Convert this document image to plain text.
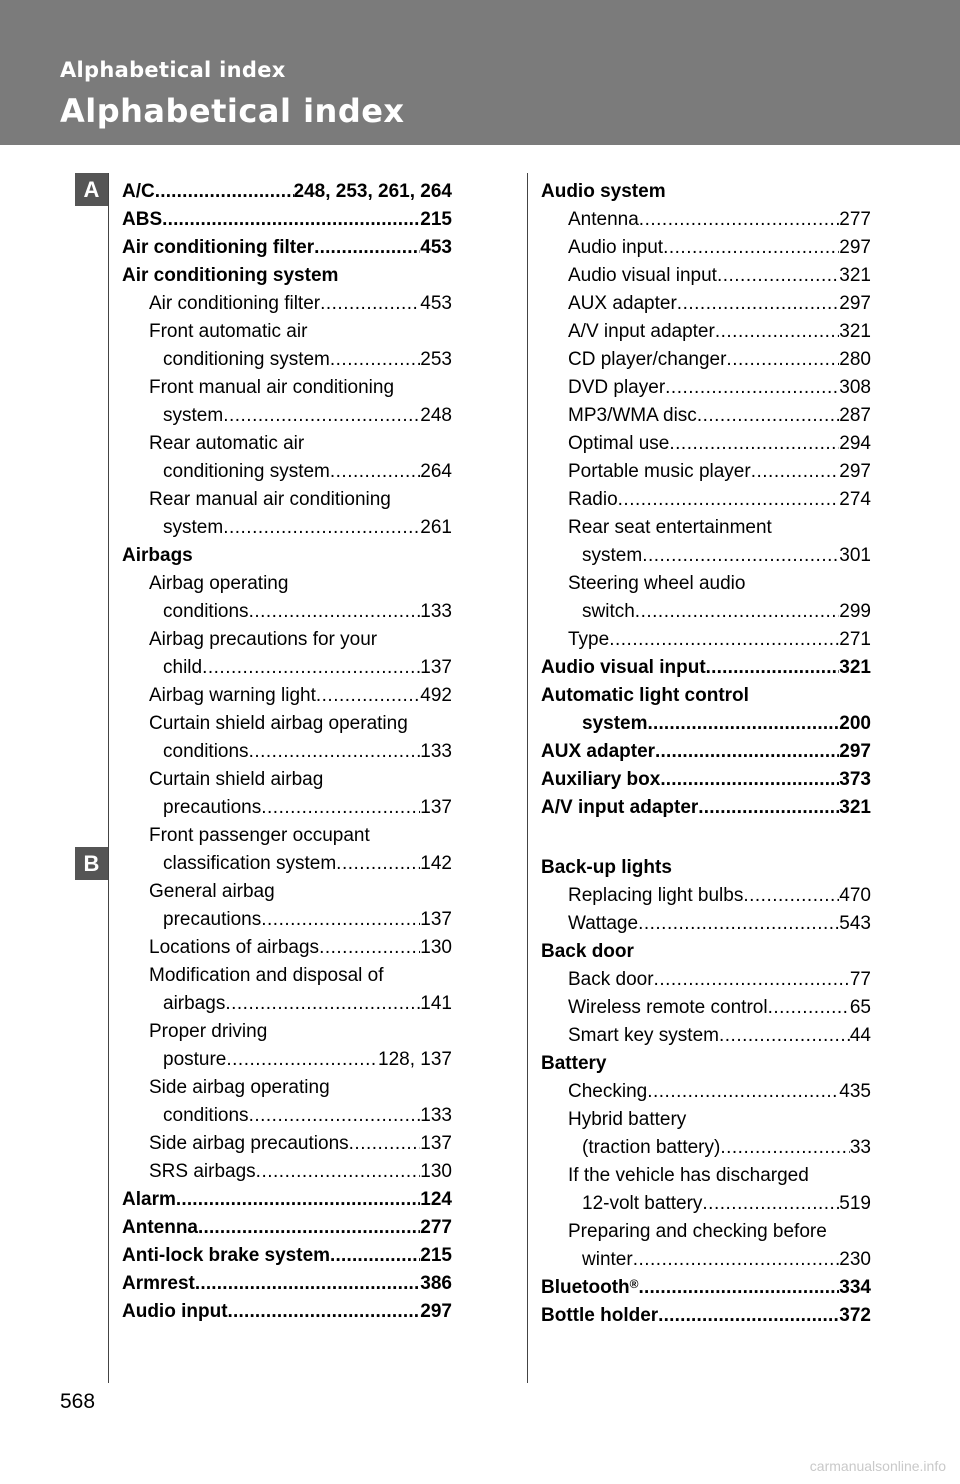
Alphabetical index
Alphabetical index
A
B
A/C .....	248, 253, 261, 264
ABS .....	215
Air conditioning filter .....	453
Air conditioning system
Air conditioning filter .....	453
Front automatic air
conditioning system .....	253
Front manual air conditioning
system .....	248
Rear automatic air
conditioning system .....	264
Rear manual air conditioning
system .....	261
Airbags
Airbag operating
conditions .....	133
Airbag precautions for your
child .....	137
Airbag warning light .....	492
Curtain shield airbag operating
conditions .....	133
Curtain shield airbag
precautions .....	137
Front passenger occupant
classification system .....	142
General airbag
precautions .....	137
Locations of airbags .....	130
Modification and disposal of
airbags .....	141
Proper driving
posture .....	128, 137
Side airbag operating
conditions .....	133
Side airbag precautions .....	137
SRS airbags .....	130
Alarm .....	124
Antenna .....	277
Anti-lock brake system .....	215
Armrest .....	386
Audio input .....	297
Audio system
Antenna .....	277
Audio input .....	297
Audio visual input .....	321
AUX adapter .....	297
A/V input adapter .....	321
CD player/changer .....	280
DVD player .....	308
MP3/WMA disc .....	287
Optimal use .....	294
Portable music player .....	297
Radio .....	274
Rear seat entertainment
system .....	301
Steering wheel audio
switch .....	299
Type .....	271
Audio visual input .....	321
Automatic light control
system .....	200
AUX adapter .....	297
Auxiliary box .....	373
A/V input adapter .....	321
Back-up lights
Replacing light bulbs .....	470
Wattage .....	543
Back door
Back door .....	77
Wireless remote control .....	65
Smart key system .....	44
Battery
Checking .....	435
Hybrid battery
(traction battery) .....	33
If the vehicle has discharged
12-volt battery .....	519
Preparing and checking before
winter .....	230
Bluetooth ® .....	334
Bottle holder .....	372
568
carmanualsonline.info
